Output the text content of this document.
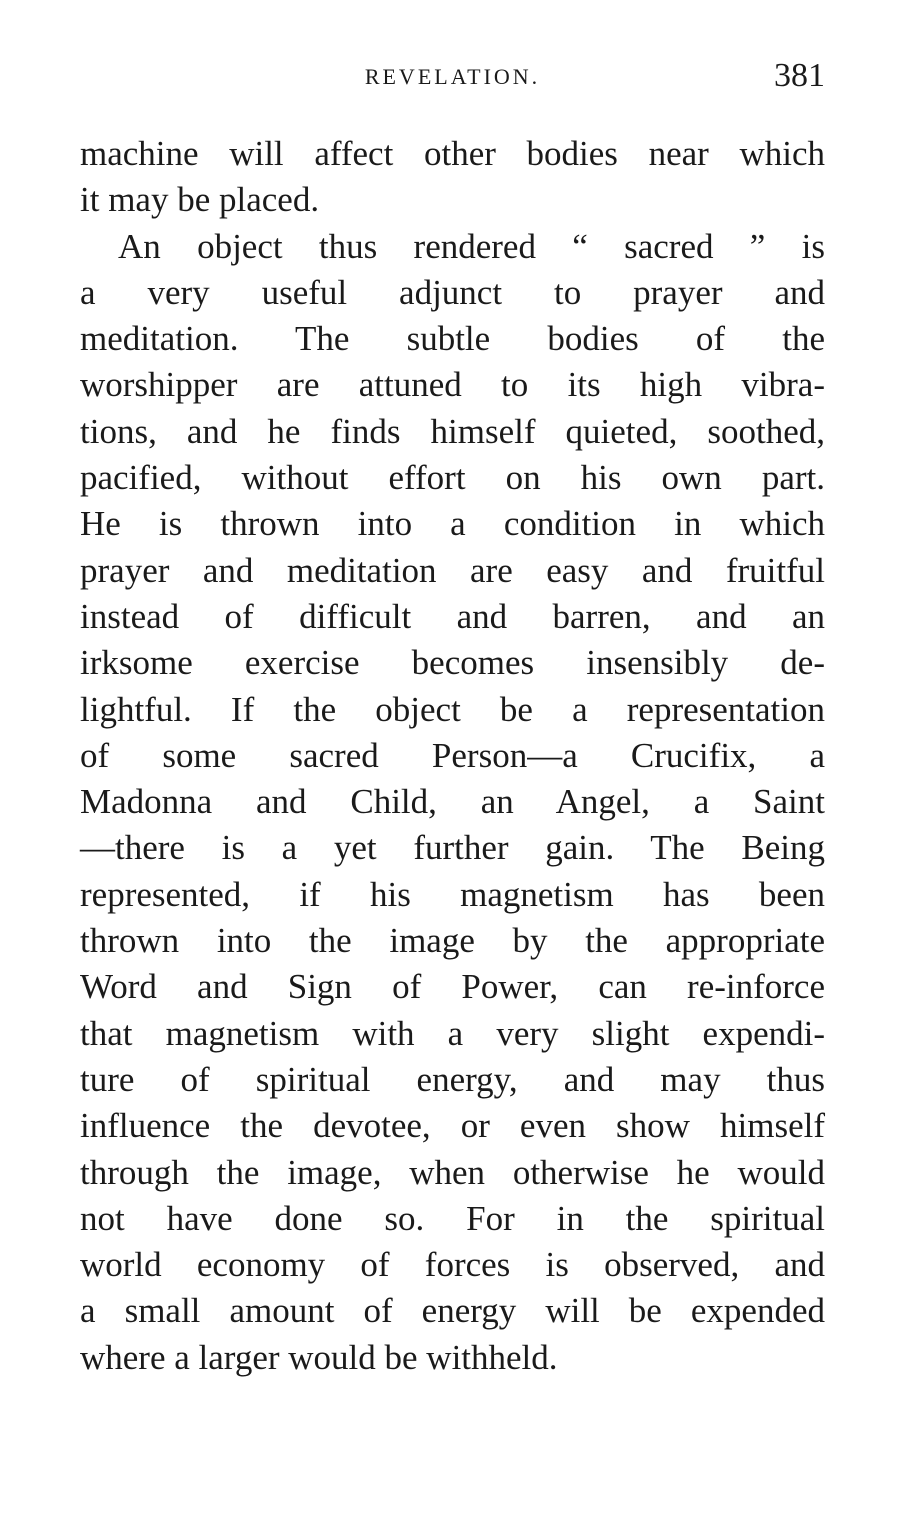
REVELATION.	381
machine will affect other bodies near which
it may be placed.
An object thus rendered “ sacred ” is
a very useful adjunct to prayer and
meditation. The subtle bodies of the
worshipper are attuned to its high vibra-
tions, and he finds himself quieted, soothed,
pacified, without effort on his own part.
He is thrown into a condition in which
prayer and meditation are easy and fruitful
instead of difficult and barren, and an
irksome exercise becomes insensibly de-
lightful. If the object be a representation
of some sacred Person—a Crucifix, a
Madonna and Child, an Angel, a Saint
—there is a yet further gain. The Being
represented, if his magnetism has been
thrown into the image by the appropriate
Word and Sign of Power, can re-inforce
that magnetism with a very slight expendi-
ture of spiritual energy, and may thus
influence the devotee, or even show himself
through the image, when otherwise he would
not have done so. For in the spiritual
world economy of forces is observed, and
a small amount of energy will be expended
where a larger would be withheld.
